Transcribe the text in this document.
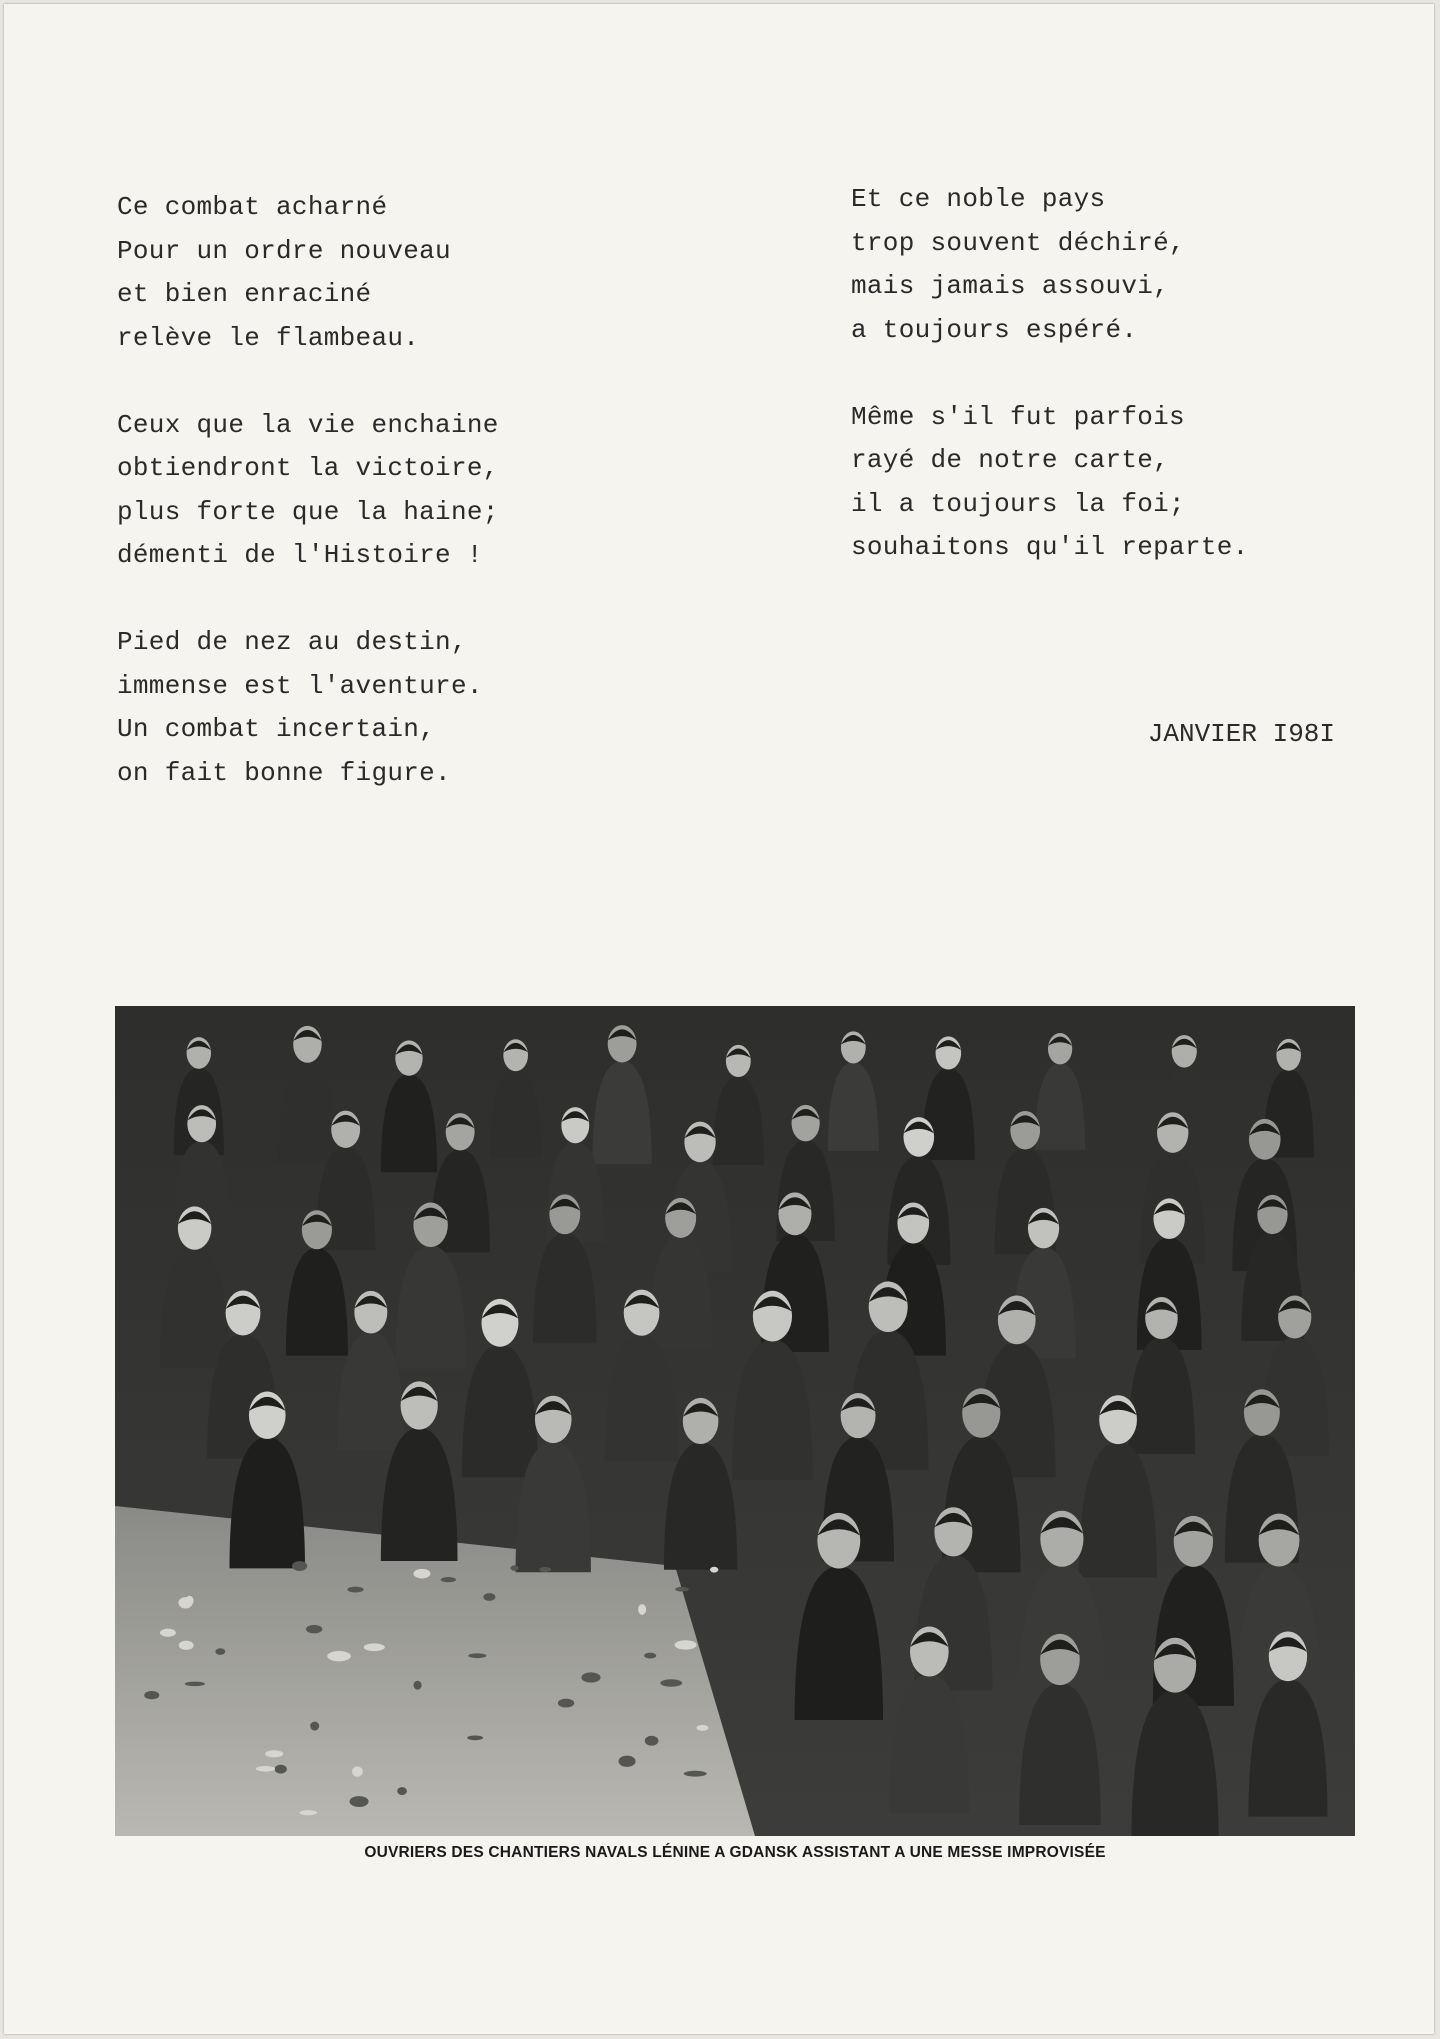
Ce combat acharné
Pour un ordre nouveau
et bien enraciné
relève le flambeau.
Ceux que la vie enchaine
obtiendront la victoire,
plus forte que la haine;
démenti de l'Histoire !
Pied de nez au destin,
immense est l'aventure.
Un combat incertain,
on fait bonne figure.
Et ce noble pays
trop souvent déchiré,
mais jamais assouvi,
a toujours espéré.
Même s'il fut parfois
rayé de notre carte,
il a toujours la foi;
souhaitons qu'il reparte.
JANVIER I98I
OUVRIERS DES CHANTIERS NAVALS LÉNINE A GDANSK ASSISTANT A UNE MESSE IMPROVISÉE
